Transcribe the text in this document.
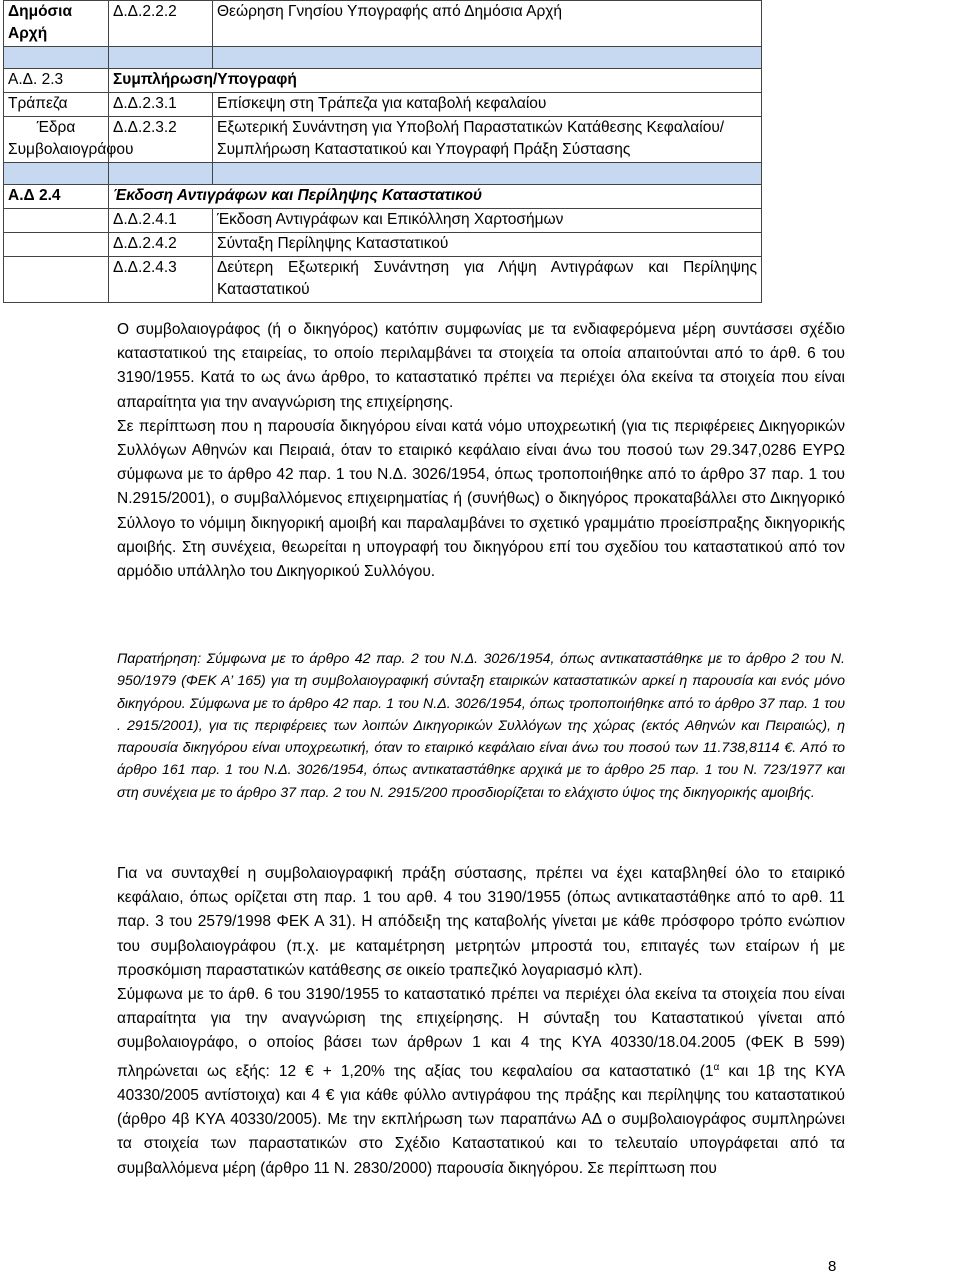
Δημόσια Αρχή	Δ.Δ.2.2.2	Θεώρηση Γνησίου Υπογραφής από Δημόσια Αρχή

Α.Δ. 2.3	Συμπλήρωση/Υπογραφή	
Τράπεζα	Δ.Δ.2.3.1	Επίσκεψη στη Τράπεζα για καταβολή κεφαλαίου
Έδρα Συμβολαιογράφου	Δ.Δ.2.3.2	Εξωτερική Συνάντηση για Υποβολή Παραστατικών Κατάθεσης Κεφαλαίου/Συμπλήρωση Καταστατικού και Υπογραφή Πράξη Σύστασης

Α.Δ 2.4	Έκδοση Αντιγράφων και Περίληψης Καταστατικού	
	Δ.Δ.2.4.1	Έκδοση Αντιγράφων και Επικόλληση Χαρτοσήμων
	Δ.Δ.2.4.2	Σύνταξη Περίληψης Καταστατικού
	Δ.Δ.2.4.3	Δεύτερη Εξωτερική Συνάντηση για Λήψη Αντιγράφων και Περίληψης Καταστατικού

Ο συμβολαιογράφος (ή ο δικηγόρος) κατόπιν συμφωνίας με τα ενδιαφερόμενα μέρη συντάσσει σχέδιο καταστατικού της εταιρείας, το οποίο περιλαμβάνει τα στοιχεία τα οποία απαιτούνται από το άρθ. 6 του 3190/1955. Κατά το ως άνω άρθρο, το καταστατικό πρέπει να περιέχει όλα εκείνα τα στοιχεία που είναι απαραίτητα για την αναγνώριση της επιχείρησης.

Σε περίπτωση που η παρουσία δικηγόρου είναι κατά νόμο υποχρεωτική (για τις περιφέρειες Δικηγορικών Συλλόγων Αθηνών και Πειραιά, όταν το εταιρικό κεφάλαιο είναι άνω του ποσού των 29.347,0286 ΕΥΡΩ σύμφωνα με το άρθρο 42 παρ. 1 του Ν.Δ. 3026/1954, όπως τροποποιήθηκε από το άρθρο 37 παρ. 1 του Ν.2915/2001), ο συμβαλλόμενος επιχειρηματίας ή (συνήθως) ο δικηγόρος προκαταβάλλει στο Δικηγορικό Σύλλογο το νόμιμη δικηγορική αμοιβή και παραλαμβάνει το σχετικό γραμμάτιο προείσπραξης δικηγορικής αμοιβής. Στη συνέχεια, θεωρείται η υπογραφή του δικηγόρου επί του σχεδίου του καταστατικού από τον αρμόδιο υπάλληλο του Δικηγορικού Συλλόγου.

Παρατήρηση: Σύμφωνα με το άρθρο 42 παρ. 2 του Ν.Δ. 3026/1954, όπως αντικαταστάθηκε με το άρθρο 2 του Ν. 950/1979 (ΦΕΚ Α’ 165) για τη συμβολαιογραφική σύνταξη εταιρικών καταστατικών αρκεί η παρουσία και ενός μόνο δικηγόρου. Σύμφωνα με το άρθρο 42 παρ. 1 του Ν.Δ. 3026/1954, όπως τροποποιήθηκε από το άρθρο 37 παρ. 1 του . 2915/2001), για τις περιφέρειες των λοιπών Δικηγορικών Συλλόγων της χώρας (εκτός Αθηνών και Πειραιώς), η παρουσία δικηγόρου είναι υποχρεωτική, όταν το εταιρικό κεφάλαιο είναι άνω του ποσού των 11.738,8114 €. Από το άρθρο 161 παρ. 1 του Ν.Δ. 3026/1954, όπως αντικαταστάθηκε αρχικά με το άρθρο 25 παρ. 1 του Ν. 723/1977 και στη συνέχεια με το άρθρο 37 παρ. 2 του Ν. 2915/200 προσδιορίζεται το ελάχιστο ύψος της δικηγορικής αμοιβής.

Για να συνταχθεί η συμβολαιογραφική πράξη σύστασης, πρέπει να έχει καταβληθεί όλο το εταιρικό κεφάλαιο, όπως ορίζεται στη παρ. 1 του αρθ. 4 του 3190/1955 (όπως αντικαταστάθηκε από το αρθ. 11 παρ. 3 του 2579/1998 ΦΕΚ Α 31). Η απόδειξη της καταβολής γίνεται με κάθε πρόσφορο τρόπο ενώπιον του συμβολαιογράφου (π.χ. με καταμέτρηση μετρητών μπροστά του, επιταγές των εταίρων ή με προσκόμιση παραστατικών κατάθεσης σε οικείο τραπεζικό λογαριασμό κλπ).

Σύμφωνα με το άρθ. 6 του 3190/1955 το καταστατικό πρέπει να περιέχει όλα εκείνα τα στοιχεία που είναι απαραίτητα για την αναγνώριση της επιχείρησης. Η σύνταξη του Καταστατικού γίνεται από συμβολαιογράφο, ο οποίος βάσει των άρθρων 1 και 4 της ΚΥΑ 40330/18.04.2005 (ΦΕΚ Β 599) πληρώνεται ως εξής: 12 € + 1,20% της αξίας του κεφαλαίου σα καταστατικό ($1^\alpha$ και 1β της ΚΥΑ 40330/2005 αντίστοιχα) και 4 € για κάθε φύλλο αντιγράφου της πράξης και περίληψης του καταστατικού (άρθρο 4β ΚΥΑ 40330/2005). Με την εκπλήρωση των παραπάνω ΑΔ ο συμβολαιογράφος συμπληρώνει τα στοιχεία των παραστατικών στο Σχέδιο Καταστατικού και το τελευταίο υπογράφεται από τα συμβαλλόμενα μέρη (άρθρο 11 Ν. 2830/2000) παρουσία δικηγόρου. Σε περίπτωση που

8
